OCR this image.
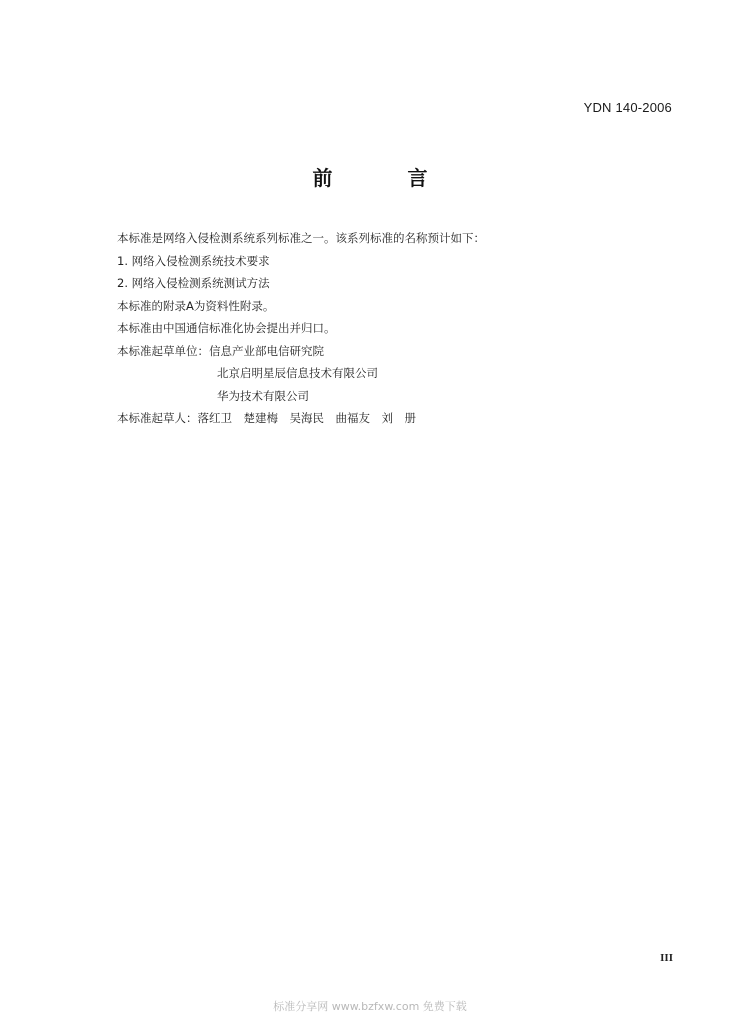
YDN 140-2006
前 言
本标准是网络入侵检测系统系列标准之一。该系列标准的名称预计如下：
1. 网络入侵检测系统技术要求
2. 网络入侵检测系统测试方法
本标准的附录A为资料性附录。
本标准由中国通信标准化协会提出并归口。
本标准起草单位：信息产业部电信研究院
北京启明星辰信息技术有限公司
华为技术有限公司
本标准起草人：落红卫　楚建梅　吴海民　曲福友　刘　册
III
标准分享网 www.bzfxw.com 免费下载
